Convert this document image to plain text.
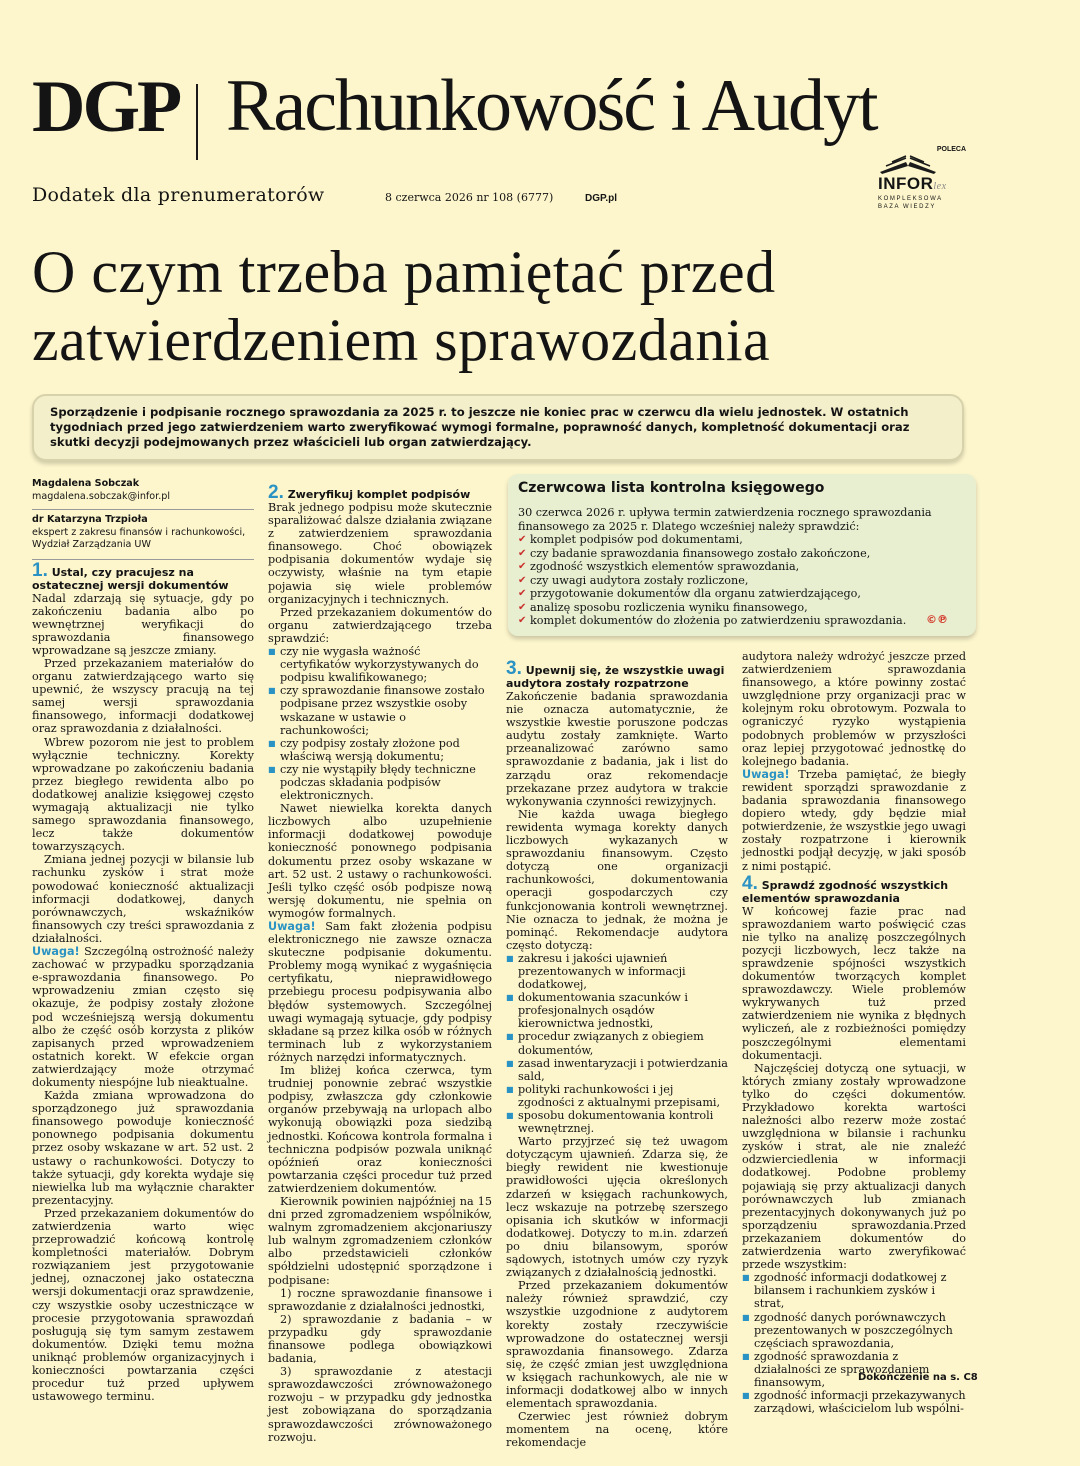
DGP Rachunkowość i Audyt
Dodatek dla prenumeratorów	8 czerwca 2026 nr 108 (6777)	DGP.pl
POLECA
INFORlex
KOMPLEKSOWA
BAZA WIEDZY
O czym trzeba pamiętać przed
zatwierdzeniem sprawozdania
Sporządzenie i podpisanie rocznego sprawozdania za 2025 r. to jeszcze nie koniec prac w czerwcu dla wielu jednostek. W ostatnich tygodniach przed jego zatwierdzeniem warto zweryfikować wymogi formalne, poprawność danych, kompletność dokumentacji oraz skutki decyzji podejmowanych przez właścicieli lub organ zatwierdzający.
Magdalena Sobczak
magdalena.sobczak@infor.pl
dr Katarzyna Trzpioła
ekspert z zakresu finansów i rachunkowości,
Wydział Zarządzania UW
1. Ustal, czy pracujesz na ostatecznej wersji dokumentów

Nadal zdarzają się sytuacje, gdy po zakończeniu badania albo po wewnętrznej weryfikacji do sprawozdania finansowego wprowadzane są jeszcze zmiany.

Przed przekazaniem materiałów do organu zatwierdzającego warto się upewnić, że wszyscy pracują na tej samej wersji sprawozdania finansowego, informacji dodatkowej oraz sprawozdania z działalności.

Wbrew pozorom nie jest to problem wyłącznie techniczny. Korekty wprowadzane po zakończeniu badania przez biegłego rewidenta albo po dodatkowej analizie księgowej często wymagają aktualizacji nie tylko samego sprawozdania finansowego, lecz także dokumentów towarzyszących.

Zmiana jednej pozycji w bilansie lub rachunku zysków i strat może powodować konieczność aktualizacji informacji dodatkowej, danych porównawczych, wskaźników finansowych czy treści sprawozdania z działalności.

Uwaga! Szczególną ostrożność należy zachować w przypadku sporządzania e-sprawozdania finansowego. Po wprowadzeniu zmian często się okazuje, że podpisy zostały złożone pod wcześniejszą wersją dokumentu albo że część osób korzysta z plików zapisanych przed wprowadzeniem ostatnich korekt. W efekcie organ zatwierdzający może otrzymać dokumenty niespójne lub nieaktualne.

Każda zmiana wprowadzona do sporządzonego już sprawozdania finansowego powoduje konieczność ponownego podpisania dokumentu przez osoby wskazane w art. 52 ust. 2 ustawy o rachunkowości. Dotyczy to także sytuacji, gdy korekta wydaje się niewielka lub ma wyłącznie charakter prezentacyjny.

Przed przekazaniem dokumentów do zatwierdzenia warto więc przeprowadzić końcową kontrolę kompletności materiałów. Dobrym rozwiązaniem jest przygotowanie jednej, oznaczonej jako ostateczna wersji dokumentacji oraz sprawdzenie, czy wszystkie osoby uczestniczące w procesie przygotowania sprawozdań posługują się tym samym zestawem dokumentów. Dzięki temu można uniknąć problemów organizacyjnych i konieczności powtarzania części procedur tuż przed upływem ustawowego terminu.

2. Zweryfikuj komplet podpisów

Brak jednego podpisu może skutecznie sparaliżować dalsze działania związane z zatwierdzeniem sprawozdania finansowego. Choć obowiązek podpisania dokumentów wydaje się oczywisty, właśnie na tym etapie pojawia się wiele problemów organizacyjnych i technicznych.

Przed przekazaniem dokumentów do organu zatwierdzającego trzeba sprawdzić:

■ czy nie wygasła ważność certyfikatów wykorzystywanych do podpisu kwalifikowanego;
■ czy sprawozdanie finansowe zostało podpisane przez wszystkie osoby wskazane w ustawie o rachunkowości;
■ czy podpisy zostały złożone pod właściwą wersją dokumentu;
■ czy nie wystąpiły błędy techniczne podczas składania podpisów elektronicznych.

Nawet niewielka korekta danych liczbowych albo uzupełnienie informacji dodatkowej powoduje konieczność ponownego podpisania dokumentu przez osoby wskazane w art. 52 ust. 2 ustawy o rachunkowości. Jeśli tylko część osób podpisze nową wersję dokumentu, nie spełnia on wymogów formalnych.

Uwaga! Sam fakt złożenia podpisu elektronicznego nie zawsze oznacza skuteczne podpisanie dokumentu. Problemy mogą wynikać z wygaśnięcia certyfikatu, nieprawidłowego przebiegu procesu podpisywania albo błędów systemowych. Szczególnej uwagi wymagają sytuacje, gdy podpisy składane są przez kilka osób w różnych terminach lub z wykorzystaniem różnych narzędzi informatycznych.

Im bliżej końca czerwca, tym trudniej ponownie zebrać wszystkie podpisy, zwłaszcza gdy członkowie organów przebywają na urlopach albo wykonują obowiązki poza siedzibą jednostki. Końcowa kontrola formalna i techniczna podpisów pozwala uniknąć opóźnień oraz konieczności powtarzania części procedur tuż przed zatwierdzeniem dokumentów.

Kierownik powinien najpóźniej na 15 dni przed zgromadzeniem wspólników, walnym zgromadzeniem akcjonariuszy lub walnym zgromadzeniem członków albo przedstawicieli członków spółdzielni udostępnić sporządzone i podpisane:

1) roczne sprawozdanie finansowe i sprawozdanie z działalności jednostki,

2) sprawozdanie z badania – w przypadku gdy sprawozdanie finansowe podlega obowiązkowi badania,

3) sprawozdanie z atestacji sprawozdawczości zrównoważonego rozwoju – w przypadku gdy jednostka jest zobowiązana do sporządzania sprawozdawczości zrównoważonego rozwoju.

Czerwcowa lista kontrolna księgowego
30 czerwca 2026 r. upływa termin zatwierdzenia rocznego sprawozdania finansowego za 2025 r. Dlatego wcześniej należy sprawdzić:
✔ komplet podpisów pod dokumentami,
✔ czy badanie sprawozdania finansowego zostało zakończone,
✔ zgodność wszystkich elementów sprawozdania,
✔ czy uwagi audytora zostały rozliczone,
✔ przygotowanie dokumentów dla organu zatwierdzającego,
✔ analizę sposobu rozliczenia wyniku finansowego,
✔ komplet dokumentów do złożenia po zatwierdzeniu sprawozdania.	©℗
3. Upewnij się, że wszystkie uwagi audytora zostały rozpatrzone

Zakończenie badania sprawozdania nie oznacza automatycznie, że wszystkie kwestie poruszone podczas audytu zostały zamknięte. Warto przeanalizować zarówno samo sprawozdanie z badania, jak i list do zarządu oraz rekomendacje przekazane przez audytora w trakcie wykonywania czynności rewizyjnych.

Nie każda uwaga biegłego rewidenta wymaga korekty danych liczbowych wykazanych w sprawozdaniu finansowym. Często dotyczą one organizacji rachunkowości, dokumentowania operacji gospodarczych czy funkcjonowania kontroli wewnętrznej. Nie oznacza to jednak, że można je pominąć. Rekomendacje audytora często dotyczą:

■ zakresu i jakości ujawnień prezentowanych w informacji dodatkowej,
■ dokumentowania szacunków i profesjonalnych osądów kierownictwa jednostki,
■ procedur związanych z obiegiem dokumentów,
■ zasad inwentaryzacji i potwierdzania sald,
■ polityki rachunkowości i jej zgodności z aktualnymi przepisami,
■ sposobu dokumentowania kontroli wewnętrznej.

Warto przyjrzeć się też uwagom dotyczącym ujawnień. Zdarza się, że biegły rewident nie kwestionuje prawidłowości ujęcia określonych zdarzeń w księgach rachunkowych, lecz wskazuje na potrzebę szerszego opisania ich skutków w informacji dodatkowej. Dotyczy to m.in. zdarzeń po dniu bilansowym, sporów sądowych, istotnych umów czy ryzyk związanych z działalnością jednostki.

Przed przekazaniem dokumentów należy również sprawdzić, czy wszystkie uzgodnione z audytorem korekty zostały rzeczywiście wprowadzone do ostatecznej wersji sprawozdania finansowego. Zdarza się, że część zmian jest uwzględniona w księgach rachunkowych, ale nie w informacji dodatkowej albo w innych elementach sprawozdania.

Czerwiec jest również dobrym momentem na ocenę, które rekomendacje

audytora należy wdrożyć jeszcze przed zatwierdzeniem sprawozdania finansowego, a które powinny zostać uwzględnione przy organizacji prac w kolejnym roku obrotowym. Pozwala to ograniczyć ryzyko wystąpienia podobnych problemów w przyszłości oraz lepiej przygotować jednostkę do kolejnego badania.

Uwaga! Trzeba pamiętać, że biegły rewident sporządzi sprawozdanie z badania sprawozdania finansowego dopiero wtedy, gdy będzie miał potwierdzenie, że wszystkie jego uwagi zostały rozpatrzone i kierownik jednostki podjął decyzję, w jaki sposób z nimi postąpić.

4. Sprawdź zgodność wszystkich elementów sprawozdania

W końcowej fazie prac nad sprawozdaniem warto poświęcić czas nie tylko na analizę poszczególnych pozycji liczbowych, lecz także na sprawdzenie spójności wszystkich dokumentów tworzących komplet sprawozdawczy. Wiele problemów wykrywanych tuż przed zatwierdzeniem nie wynika z błędnych wyliczeń, ale z rozbieżności pomiędzy poszczególnymi elementami dokumentacji.

Najczęściej dotyczą one sytuacji, w których zmiany zostały wprowadzone tylko do części dokumentów. Przykładowo korekta wartości należności albo rezerw może zostać uwzględniona w bilansie i rachunku zysków i strat, ale nie znaleźć odzwierciedlenia w informacji dodatkowej. Podobne problemy pojawiają się przy aktualizacji danych porównawczych lub zmianach prezentacyjnych dokonywanych już po sporządzeniu sprawozdania.Przed przekazaniem dokumentów do zatwierdzenia warto zweryfikować przede wszystkim:

■ zgodność informacji dodatkowej z bilansem i rachunkiem zysków i strat,
■ zgodność danych porównawczych prezentowanych w poszczególnych częściach sprawozdania,
■ zgodność sprawozdania z działalności ze sprawozdaniem finansowym,
■ zgodność informacji przekazywanych zarządowi, właścicielom lub wspólni-
Dokończenie na s. C8
